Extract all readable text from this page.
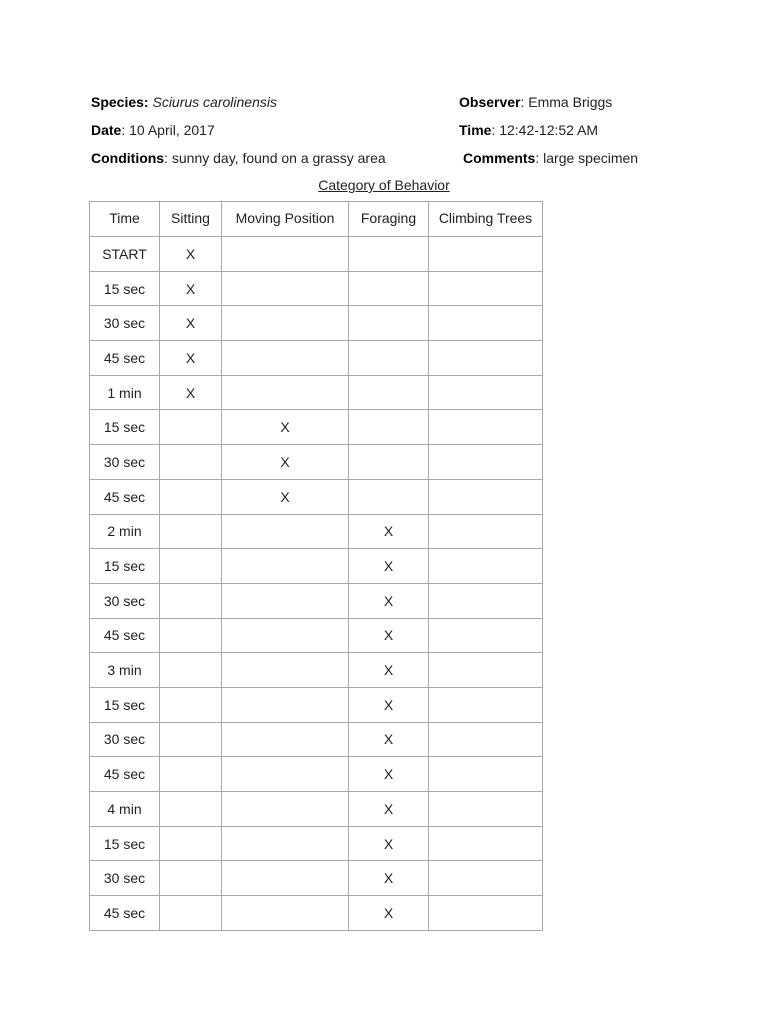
Species: Sciurus carolinensis	Observer: Emma Briggs
Date: 10 April, 2017	Time: 12:42-12:52 AM
Conditions: sunny day, found on a grassy area	Comments: large specimen
Category of Behavior
Time	Sitting	Moving Position	Foraging	Climbing Trees
START	X			
15 sec	X			
30 sec	X			
45 sec	X			
1 min	X			
15 sec		X		
30 sec		X		
45 sec		X		
2 min			X	
15 sec			X	
30 sec			X	
45 sec			X	
3 min			X	
15 sec			X	
30 sec			X	
45 sec			X	
4 min			X	
15 sec			X	
30 sec			X	
45 sec			X	
